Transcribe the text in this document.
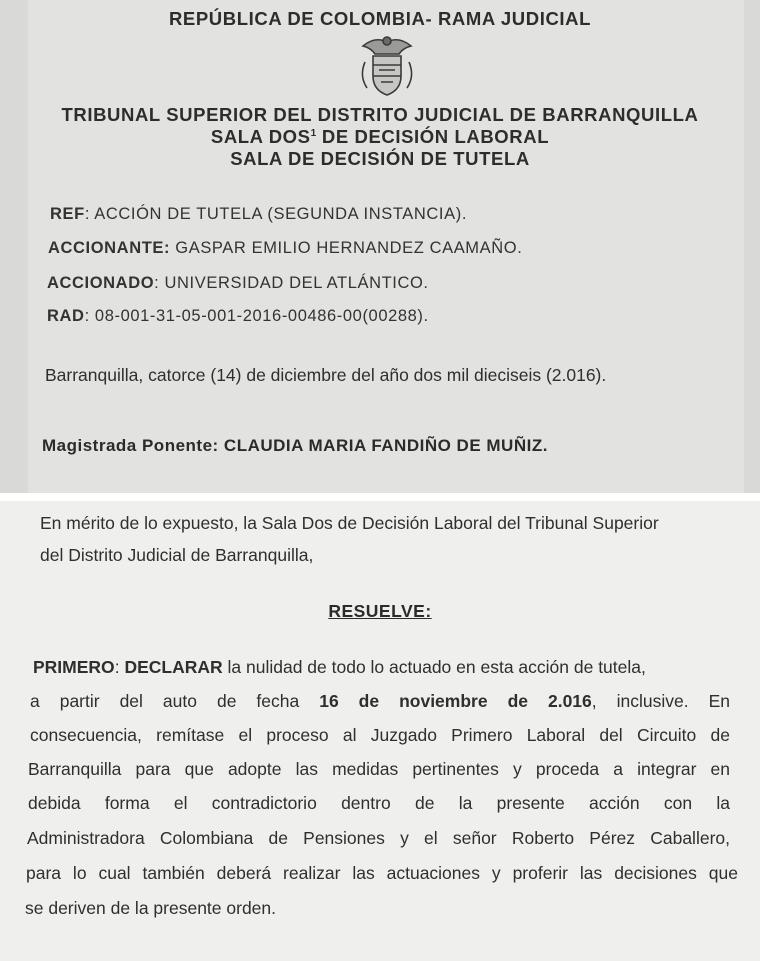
REPÚBLICA DE COLOMBIA- RAMA JUDICIAL
TRIBUNAL SUPERIOR DEL DISTRITO JUDICIAL DE BARRANQUILLA
SALA DOS$^1$ DE DECISIÓN LABORAL
SALA DE DECISIÓN DE TUTELA
REF: ACCIÓN DE TUTELA (SEGUNDA INSTANCIA).
ACCIONANTE: GASPAR EMILIO HERNANDEZ CAAMAÑO.
ACCIONADO: UNIVERSIDAD DEL ATLÁNTICO.
RAD: 08-001-31-05-001-2016-00486-00(00288).
Barranquilla, catorce (14) de diciembre del año dos mil dieciseis (2.016).
Magistrada Ponente: CLAUDIA MARIA FANDIÑO DE MUÑIZ.
En mérito de lo expuesto, la Sala Dos de Decisión Laboral del Tribunal Superior
del Distrito Judicial de Barranquilla,
RESUELVE:
PRIMERO: DECLARAR la nulidad de todo lo actuado en esta acción de tutela,
a partir del auto de fecha 16 de noviembre de 2.016, inclusive. En
consecuencia, remítase el proceso al Juzgado Primero Laboral del Circuito de
Barranquilla para que adopte las medidas pertinentes y proceda a integrar en
debida forma el contradictorio dentro de la presente acción con la
Administradora Colombiana de Pensiones y el señor Roberto Pérez Caballero,
para lo cual también deberá realizar las actuaciones y proferir las decisiones que
se deriven de la presente orden.
